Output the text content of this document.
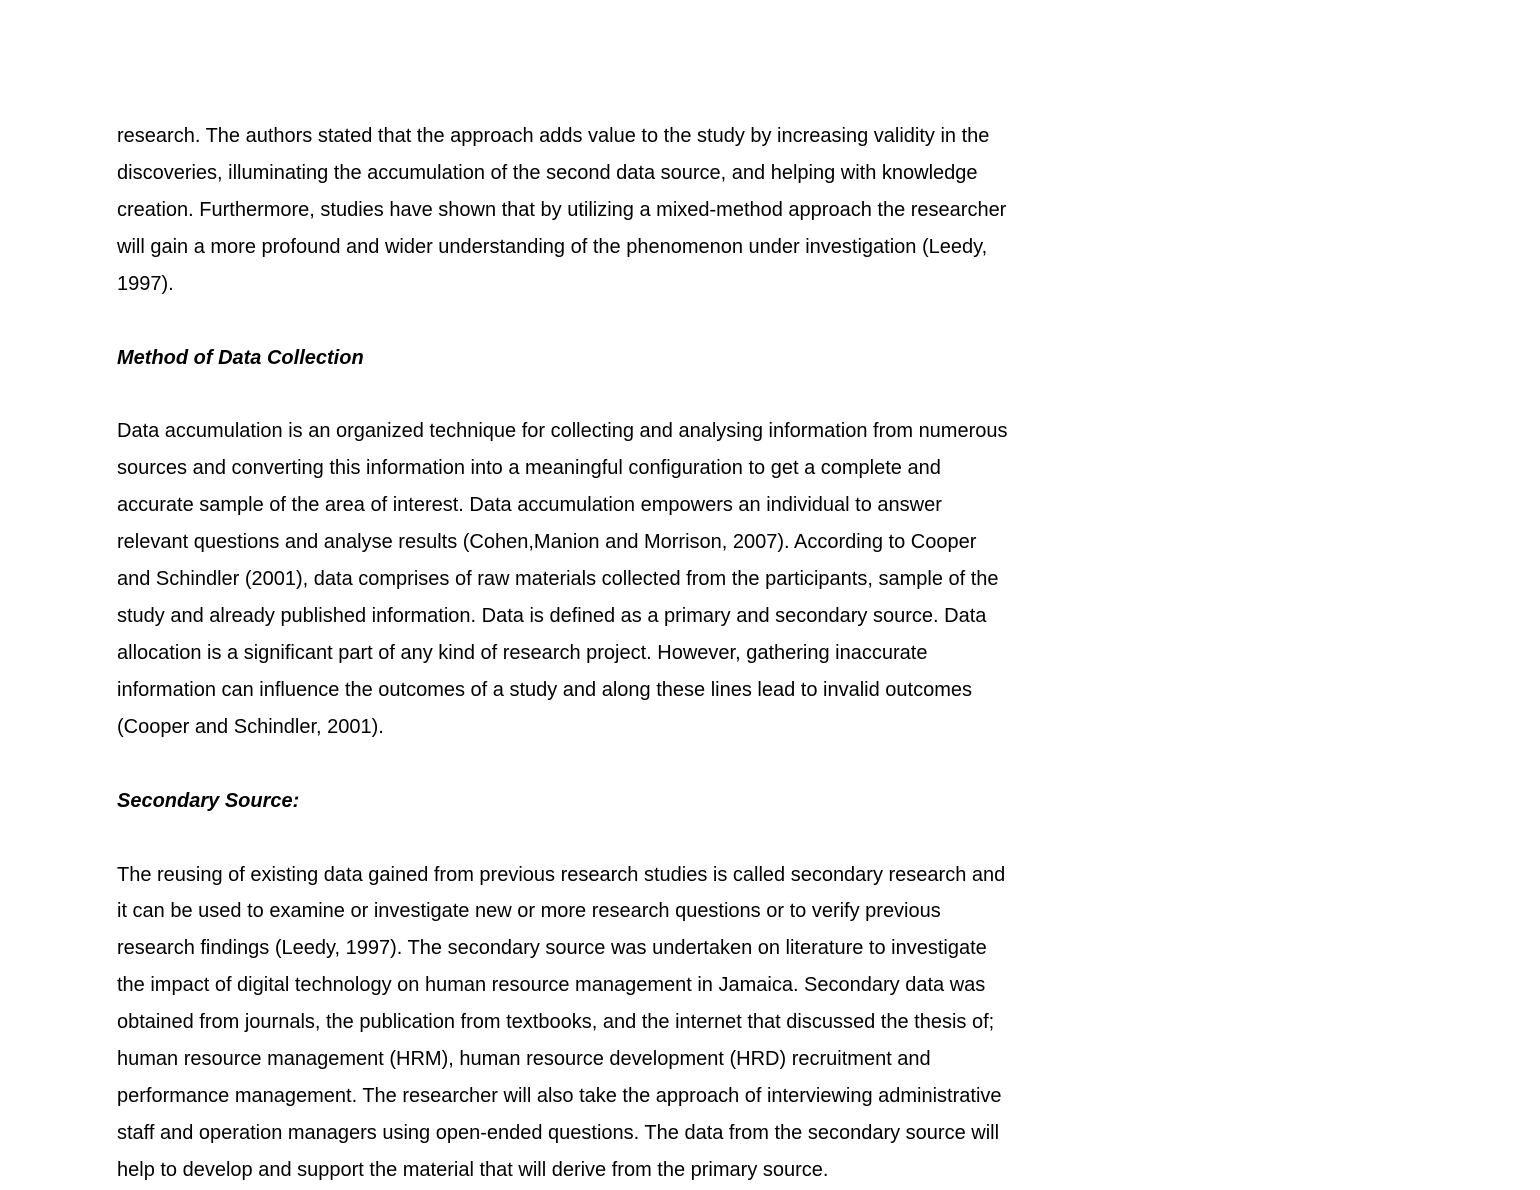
research. The authors stated that the approach adds value to the study by increasing validity in the
discoveries, illuminating the accumulation of the second data source, and helping with knowledge
creation. Furthermore, studies have shown that by utilizing a mixed-method approach the researcher
will gain a more profound and wider understanding of the phenomenon under investigation (Leedy,
1997).

Method of Data Collection

Data accumulation is an organized technique for collecting and analysing information from numerous
sources and converting this information into a meaningful configuration to get a complete and
accurate sample of the area of interest. Data accumulation empowers an individual to answer
relevant questions and analyse results (Cohen,Manion and Morrison, 2007). According to Cooper
and Schindler (2001), data comprises of raw materials collected from the participants, sample of the
study and already published information. Data is defined as a primary and secondary source. Data
allocation is a significant part of any kind of research project. However, gathering inaccurate
information can influence the outcomes of a study and along these lines lead to invalid outcomes
(Cooper and Schindler, 2001).

Secondary Source:

The reusing of existing data gained from previous research studies is called secondary research and
it can be used to examine or investigate new or more research questions or to verify previous
research findings (Leedy, 1997). The secondary source was undertaken on literature to investigate
the impact of digital technology on human resource management in Jamaica. Secondary data was
obtained from journals, the publication from textbooks, and the internet that discussed the thesis of;
human resource management (HRM), human resource development (HRD) recruitment and
performance management. The researcher will also take the approach of interviewing administrative
staff and operation managers using open-ended questions. The data from the secondary source will
help to develop and support the material that will derive from the primary source.
